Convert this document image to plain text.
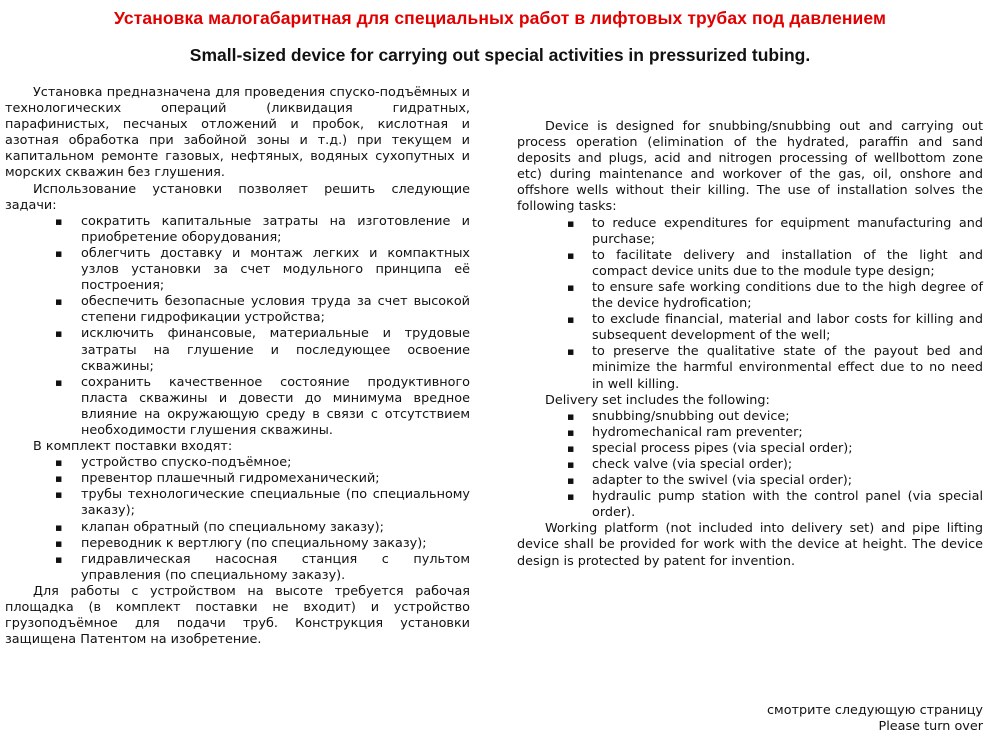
Установка малогабаритная для специальных работ в лифтовых трубах под давлением
Small-sized device for carrying out special activities in pressurized tubing.

Установка предназначена для проведения спуско-подъёмных и технологических операций (ликвидация гидратных, парафинистых, песчаных отложений и пробок, кислотная и азотная обработка при забойной зоны и т.д.) при текущем и капитальном ремонте газовых, нефтяных, водяных сухопутных и морских скважин без глушения.

Использование установки позволяет решить следующие задачи:

▪ сократить капитальные затраты на изготовление и приобретение оборудования;
▪ облегчить доставку и монтаж легких и компактных узлов установки за счет модульного принципа её построения;
▪ обеспечить безопасные условия труда за счет высокой степени гидрофикации устройства;
▪ исключить финансовые, материальные и трудовые затраты на глушение и последующее освоение скважины;
▪ сохранить качественное состояние продуктивного пласта скважины и довести до минимума вредное влияние на окружающую среду в связи с отсутствием необходимости глушения скважины.

В комплект поставки входят:

▪ устройство спуско-подъёмное;
▪ превентор плашечный гидромеханический;
▪ трубы технологические специальные (по специальному заказу);
▪ клапан обратный (по специальному заказу);
▪ переводник к вертлюгу (по специальному заказу);
▪ гидравлическая насосная станция с пультом управления (по специальному заказу).

Для работы с устройством на высоте требуется рабочая площадка (в комплект поставки не входит) и устройство грузоподъёмное для подачи труб. Конструкция установки защищена Патентом на изобретение.

Device is designed for snubbing/snubbing out and carrying out process operation (elimination of the hydrated, paraffin and sand deposits and plugs, acid and nitrogen processing of wellbottom zone etc) during maintenance and workover of the gas, oil, onshore and offshore wells without their killing. The use of installation solves the following tasks:

▪ to reduce expenditures for equipment manufacturing and purchase;
▪ to facilitate delivery and installation of the light and compact device units due to the module type design;
▪ to ensure safe working conditions due to the high degree of the device hydrofication;
▪ to exclude financial, material and labor costs for killing and subsequent development of the well;
▪ to preserve the qualitative state of the payout bed and minimize the harmful environmental effect due to no need in well killing.

Delivery set includes the following:

▪ snubbing/snubbing out device;
▪ hydromechanical ram preventer;
▪ special process pipes (via special order);
▪ check valve (via special order);
▪ adapter to the swivel (via special order);
▪ hydraulic pump station with the control panel (via special order).

Working platform (not included into delivery set) and pipe lifting device shall be provided for work with the device at height. The device design is protected by patent for invention.

смотрите следующую страницу
Please turn over
